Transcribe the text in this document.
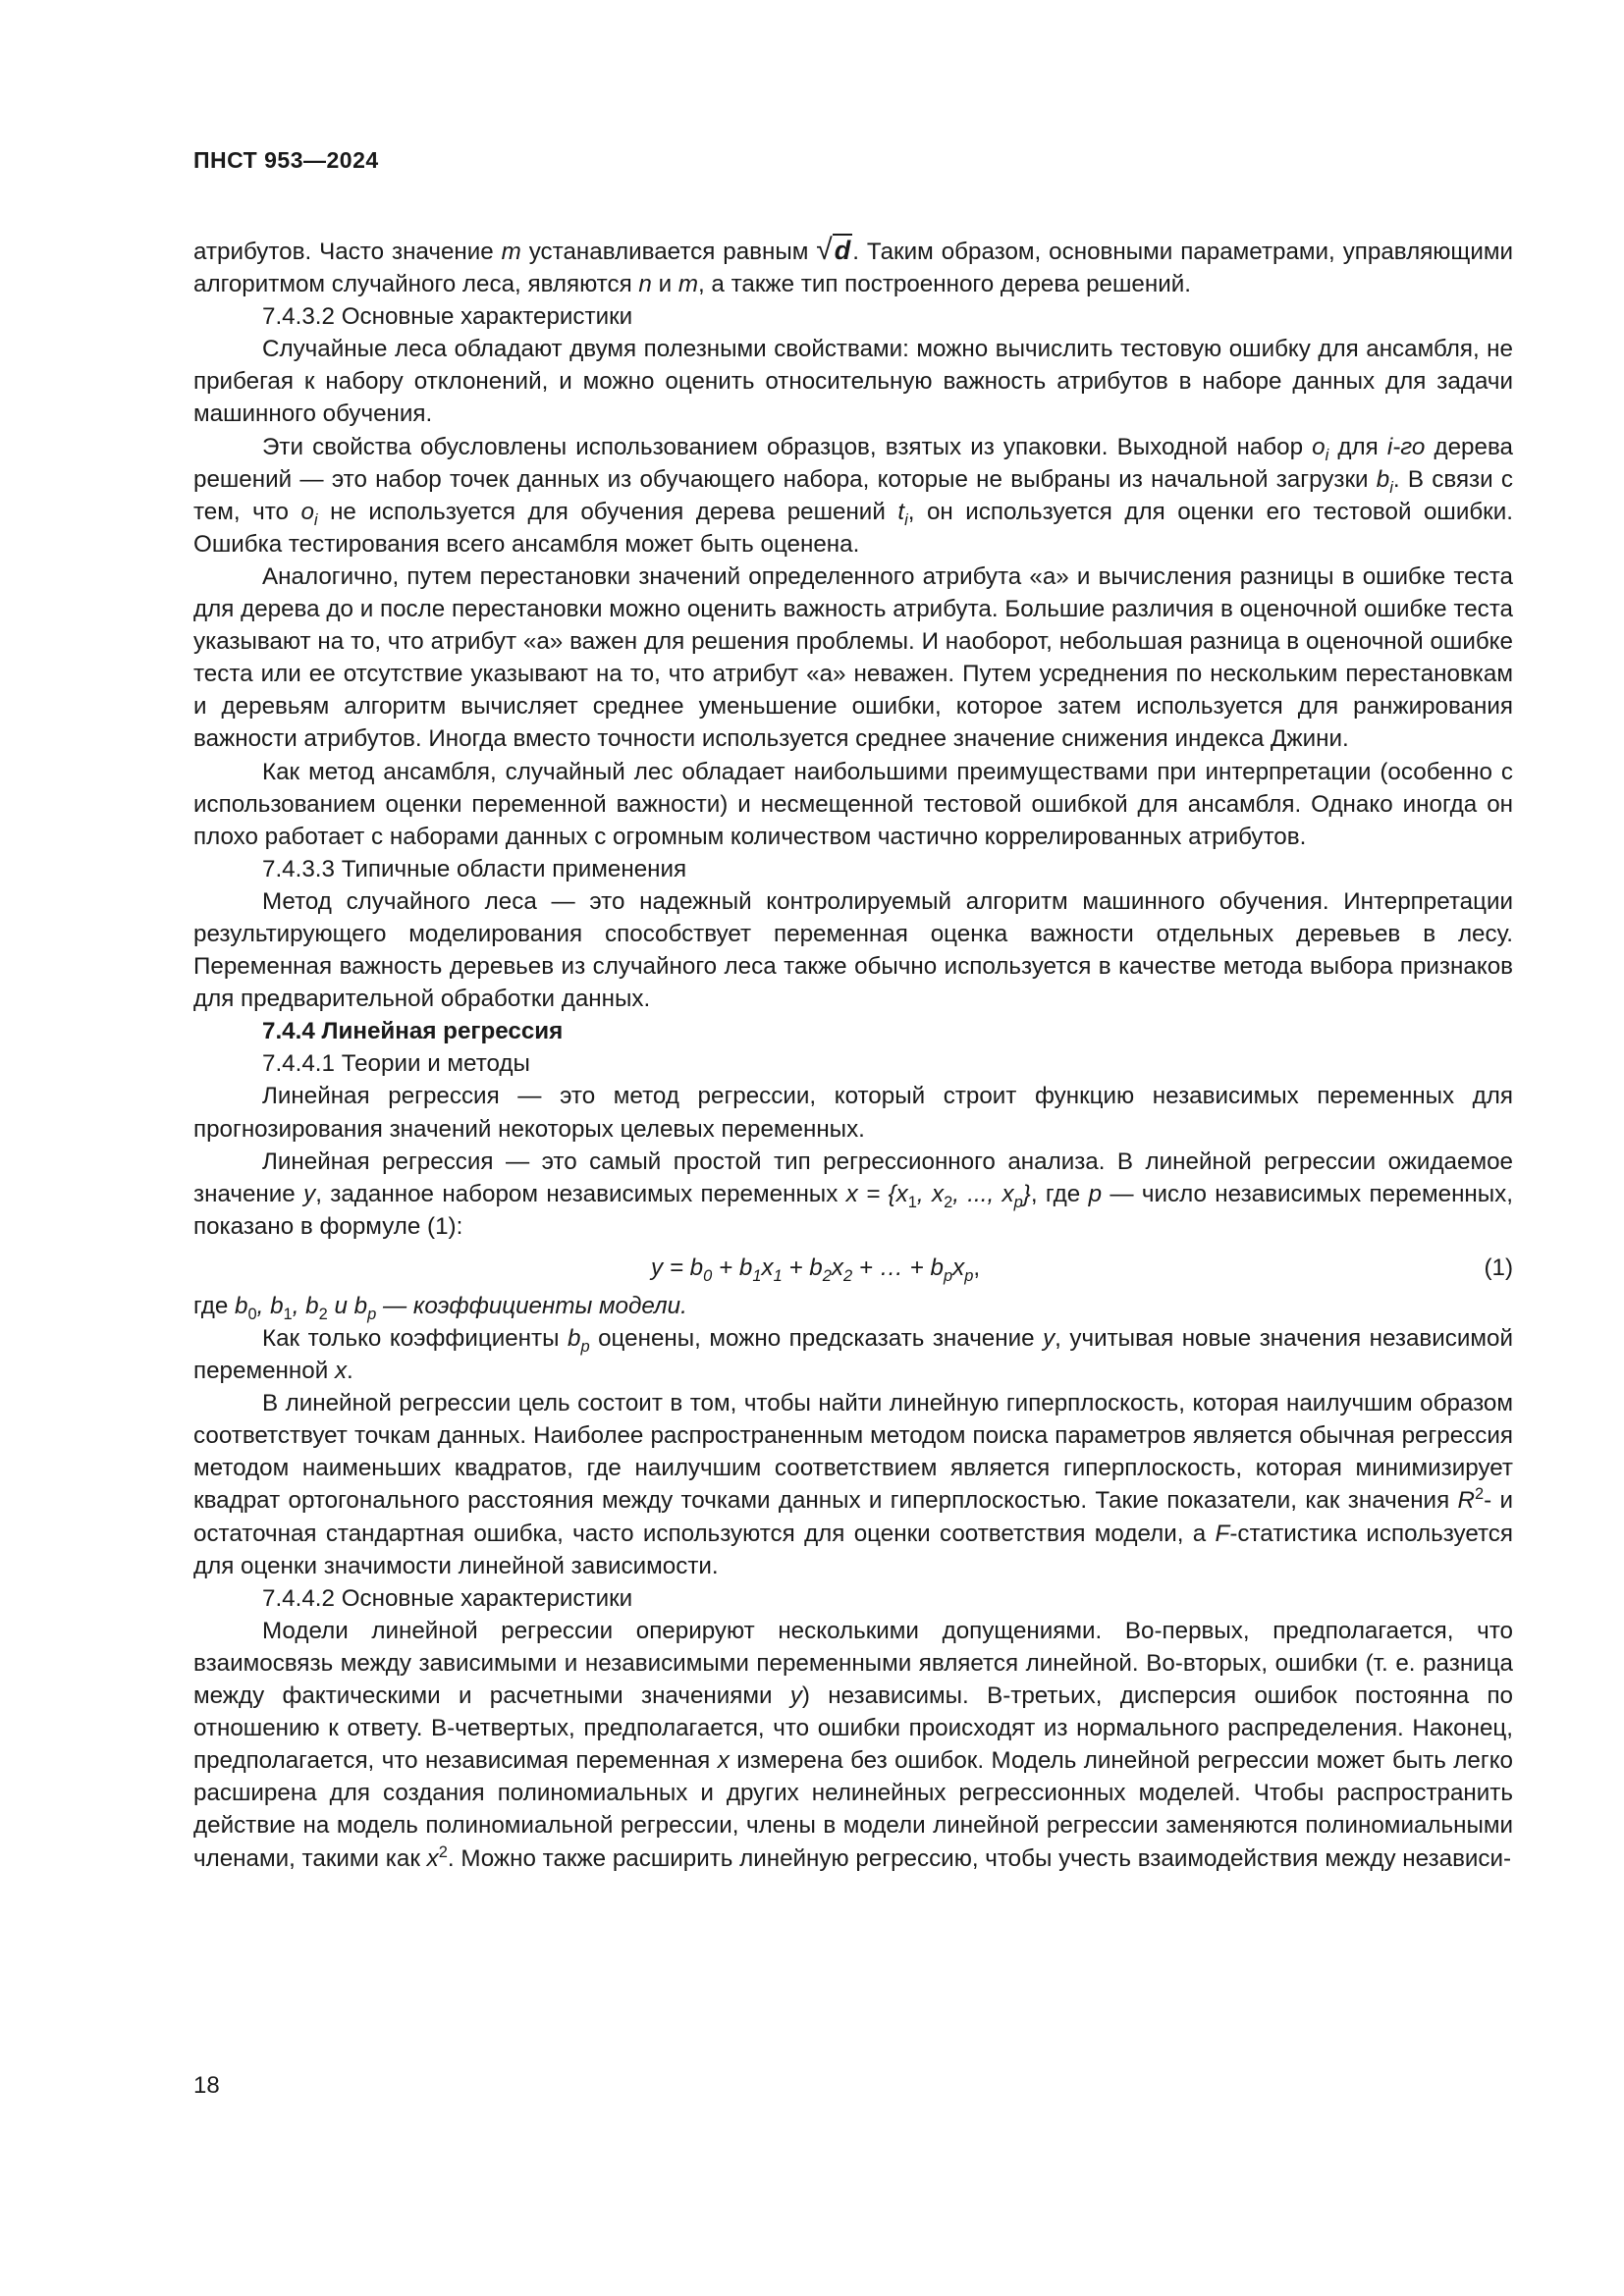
ПНСТ 953—2024

атрибутов. Часто значение m устанавливается равным √d. Таким образом, основными параметрами, управляющими алгоритмом случайного леса, являются n и m, а также тип построенного дерева решений.

7.4.3.2 Основные характеристики

Случайные леса обладают двумя полезными свойствами: можно вычислить тестовую ошибку для ансамбля, не прибегая к набору отклонений, и можно оценить относительную важность атрибутов в наборе данных для задачи машинного обучения.

Эти свойства обусловлены использованием образцов, взятых из упаковки. Выходной набор $o_i$ для i-го дерева решений — это набор точек данных из обучающего набора, которые не выбраны из начальной загрузки $b_i$. В связи с тем, что $o_i$ не используется для обучения дерева решений $t_i$, он используется для оценки его тестовой ошибки. Ошибка тестирования всего ансамбля может быть оценена.

Аналогично, путем перестановки значений определенного атрибута «а» и вычисления разницы в ошибке теста для дерева до и после перестановки можно оценить важность атрибута. Большие различия в оценочной ошибке теста указывают на то, что атрибут «а» важен для решения проблемы. И наоборот, небольшая разница в оценочной ошибке теста или ее отсутствие указывают на то, что атрибут «а» неважен. Путем усреднения по нескольким перестановкам и деревьям алгоритм вычисляет среднее уменьшение ошибки, которое затем используется для ранжирования важности атрибутов. Иногда вместо точности используется среднее значение снижения индекса Джини.

Как метод ансамбля, случайный лес обладает наибольшими преимуществами при интерпретации (особенно с использованием оценки переменной важности) и несмещенной тестовой ошибкой для ансамбля. Однако иногда он плохо работает с наборами данных с огромным количеством частично коррелированных атрибутов.

7.4.3.3 Типичные области применения

Метод случайного леса — это надежный контролируемый алгоритм машинного обучения. Интерпретации результирующего моделирования способствует переменная оценка важности отдельных деревьев в лесу. Переменная важность деревьев из случайного леса также обычно используется в качестве метода выбора признаков для предварительной обработки данных.

7.4.4 Линейная регрессия

7.4.4.1 Теории и методы

Линейная регрессия — это метод регрессии, который строит функцию независимых переменных для прогнозирования значений некоторых целевых переменных.

Линейная регрессия — это самый простой тип регрессионного анализа. В линейной регрессии ожидаемое значение y, заданное набором независимых переменных $x = \{x_1$, $x_2$, ..., $x_p$}, где p — число независимых переменных, показано в формуле (1):

$y = b_0 + b_1x_1 + b_2x_2$ + … + $b_px_p$,	(1)

где $b_0$, $b_1$, $b_2$ и $b_p$ — коэффициенты модели.

Как только коэффициенты $b_p$ оценены, можно предсказать значение y, учитывая новые значения независимой переменной x.

В линейной регрессии цель состоит в том, чтобы найти линейную гиперплоскость, которая наилучшим образом соответствует точкам данных. Наиболее распространенным методом поиска параметров является обычная регрессия методом наименьших квадратов, где наилучшим соответствием является гиперплоскость, которая минимизирует квадрат ортогонального расстояния между точками данных и гиперплоскостью. Такие показатели, как значения $R^2-$ и остаточная стандартная ошибка, часто используются для оценки соответствия модели, а F-статистика используется для оценки значимости линейной зависимости.

7.4.4.2 Основные характеристики

Модели линейной регрессии оперируют несколькими допущениями. Во-первых, предполагается, что взаимосвязь между зависимыми и независимыми переменными является линейной. Во-вторых, ошибки (т. е. разница между фактическими и расчетными значениями y) независимы. В-третьих, дисперсия ошибок постоянна по отношению к ответу. В-четвертых, предполагается, что ошибки происходят из нормального распределения. Наконец, предполагается, что независимая переменная x измерена без ошибок. Модель линейной регрессии может быть легко расширена для создания полиномиальных и других нелинейных регрессионных моделей. Чтобы распространить действие на модель полиномиальной регрессии, члены в модели линейной регрессии заменяются полиномиальными членами, такими как $x^2$. Можно также расширить линейную регрессию, чтобы учесть взаимодействия между независи-

18
